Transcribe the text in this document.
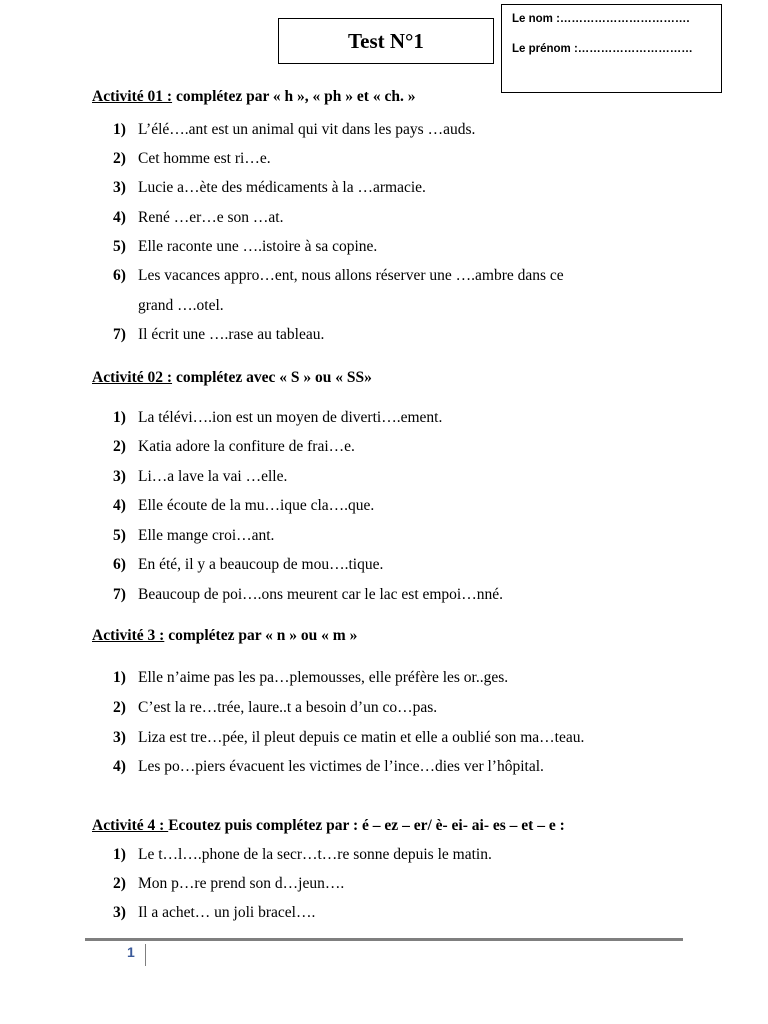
Test N°1
Le nom :…………………………….
Le prénom :…………………………
Activité 01 : complétez par « h », « ph » et « ch. »
1) L’élé….ant est un animal qui vit dans les pays …auds.
2) Cet homme est ri…e.
3) Lucie a…ète des médicaments à la …armacie.
4) René …er…e son …at.
5) Elle raconte une ….istoire à sa copine.
6) Les vacances appro…ent, nous allons réserver une ….ambre dans ce
grand ….otel.
7) Il écrit une ….rase au tableau.
Activité 02 : complétez avec « S » ou « SS»
1) La télévi….ion est un moyen de diverti….ement.
2) Katia adore la confiture de frai…e.
3) Li…a lave la vai …elle.
4) Elle écoute de la mu…ique cla….que.
5) Elle mange croi…ant.
6) En été, il y a beaucoup de mou….tique.
7) Beaucoup de poi….ons meurent car le lac est empoi…nné.
Activité 3 : complétez par « n » ou « m »
1) Elle n’aime pas les pa…plemousses, elle préfère les or..ges.
2) C’est la re…trée, laure..t a besoin d’un co…pas.
3) Liza est tre…pée, il pleut depuis ce matin et elle a oublié son ma…teau.
4) Les po…piers évacuent les victimes de l’ince…dies ver l’hôpital.
Activité 4 : Ecoutez puis complétez par : é – ez – er/ è- ei- ai- es – et – e :
1) Le t…l….phone de la secr…t…re sonne depuis le matin.
2) Mon p…re prend son d…jeun….
3) Il a achet… un joli bracel….
1
